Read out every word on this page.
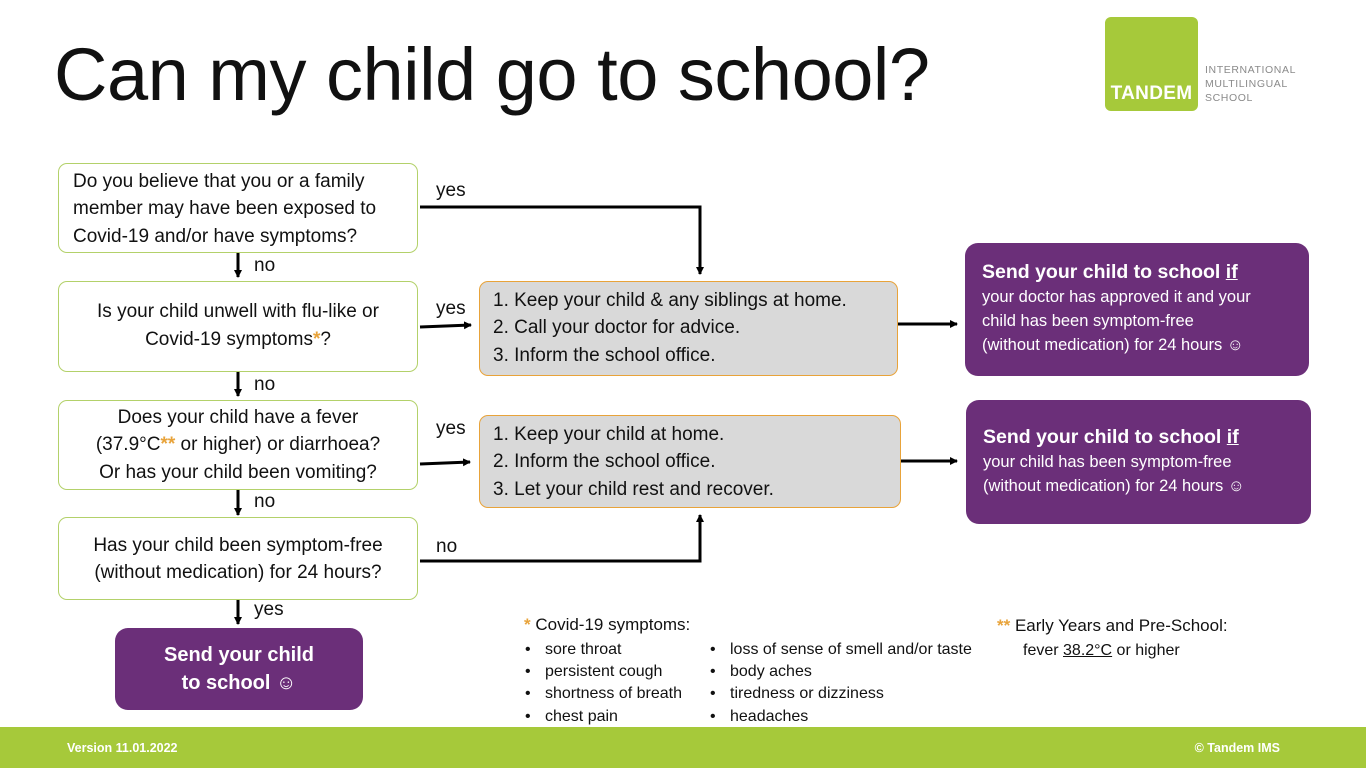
Can my child go to school?	TANDEM
INTERNATIONAL
MULTILINGUAL
SCHOOL
Do you believe that you or a family
member may have been exposed to
Covid-19 and/or have symptoms?
Is your child unwell with flu-like or
Covid-19 symptoms*?
Does your child have a fever
(37.9°C** or higher) or diarrhoea?
Or has your child been vomiting?
Has your child been symptom-free
(without medication) for 24 hours?
yes
no
yes
no
yes
no
no
yes
1. Keep your child & any siblings at home.
2. Call your doctor for advice.
3. Inform the school office.
1. Keep your child at home.
2. Inform the school office.
3. Let your child rest and recover.
Send your child to school if
your doctor has approved it and your
child has been symptom-free
(without medication) for 24 hours ☺
Send your child to school if
your child has been symptom-free
(without medication) for 24 hours ☺
Send your child
to school ☺
* Covid-19 symptoms:
• sore throat
• persistent cough
• shortness of breath
• chest pain
• loss of sense of smell and/or taste
• body aches
• tiredness or dizziness
• headaches
** Early Years and Pre-School:
fever 38.2°C or higher
Version 11.01.2022	© Tandem IMS
